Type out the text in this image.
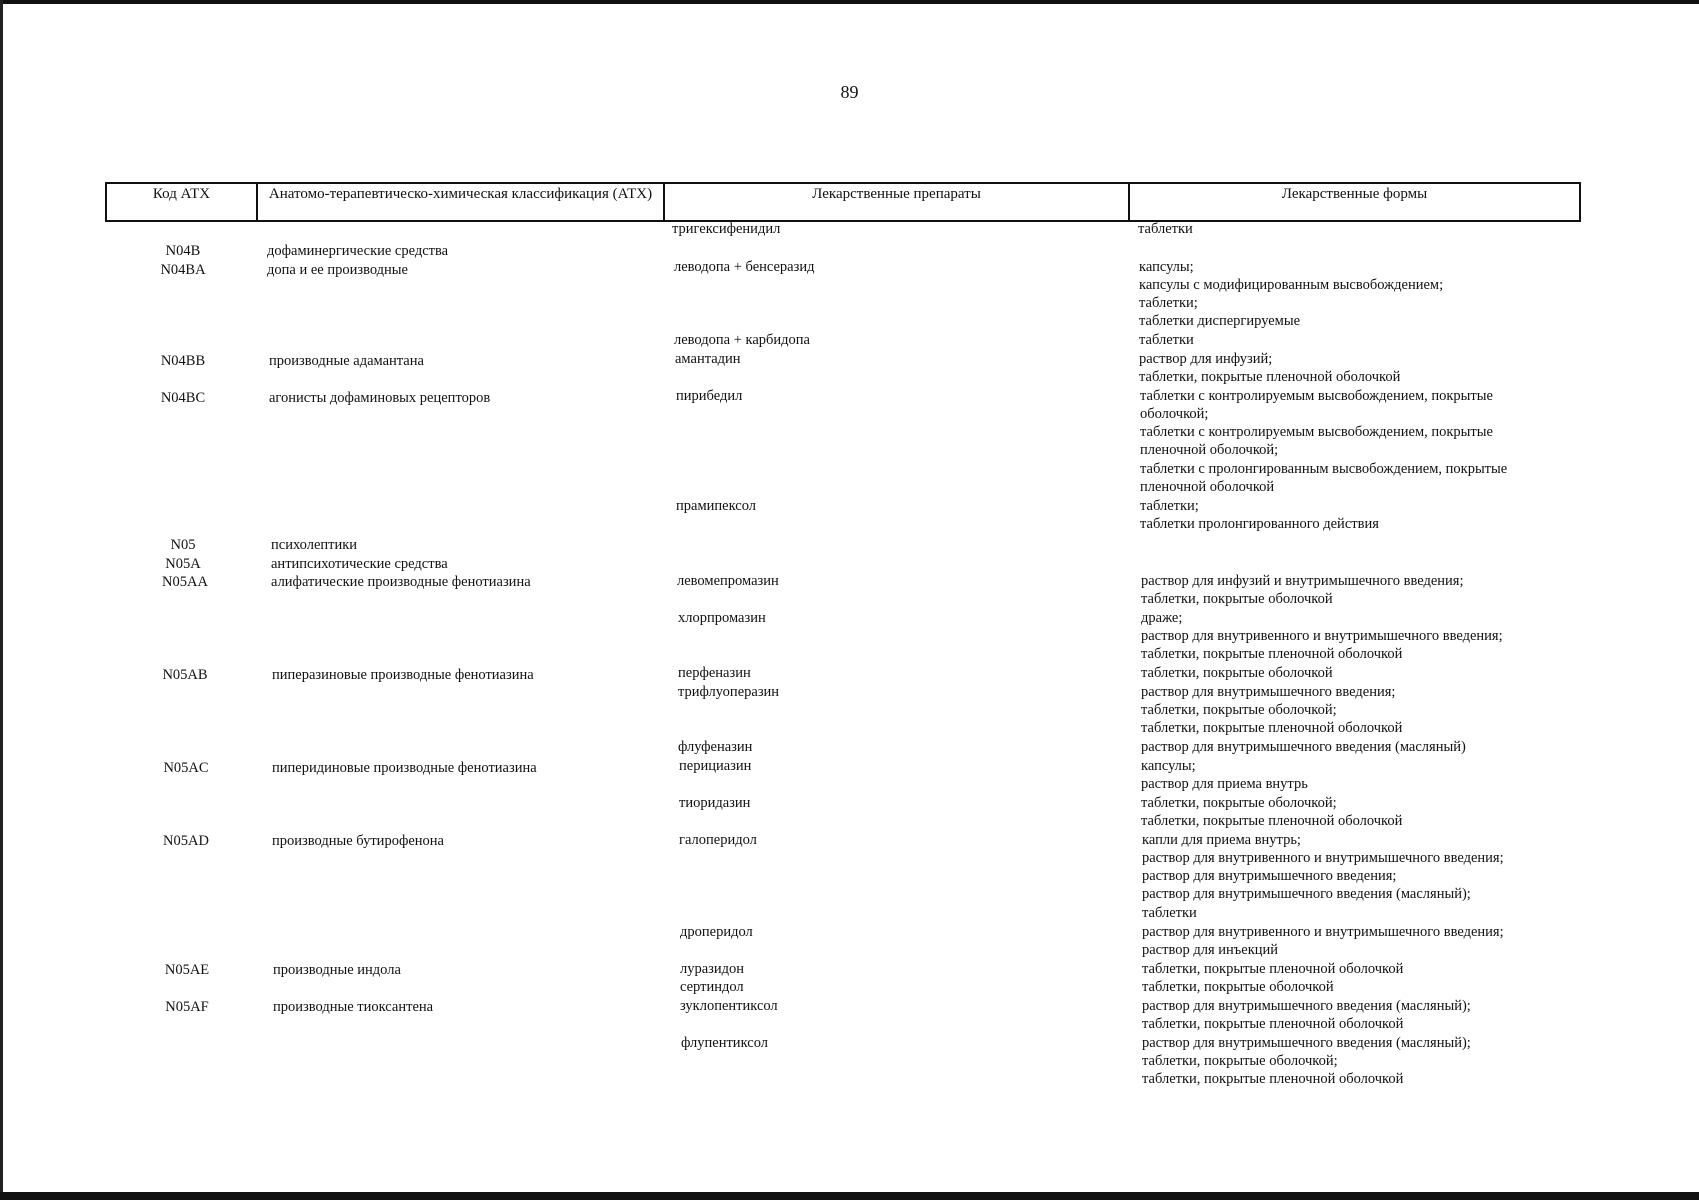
89
Код АТХ	Анатомо-терапевтическо-химическая классификация (АТХ)	Лекарственные препараты	Лекарственные формы
тригексифенидил	таблетки
N04B	дофаминергические средства
N04BA	допа и ее производные	леводопа + бенсеразид	капсулы;
капсулы с модифицированным высвобождением;
таблетки;
таблетки диспергируемые
леводопа + карбидопа	таблетки
N04BB	производные адамантана	амантадин	раствор для инфузий;
таблетки, покрытые пленочной оболочкой
N04BC	агонисты дофаминовых рецепторов	пирибедил	таблетки с контролируемым высвобождением, покрытые
оболочкой;
таблетки с контролируемым высвобождением, покрытые
пленочной оболочкой;
таблетки с пролонгированным высвобождением, покрытые
пленочной оболочкой
прамипексол	таблетки;
таблетки пролонгированного действия
N05	психолептики
N05A	антипсихотические средства
N05AA	алифатические производные фенотиазина	левомепромазин	раствор для инфузий и внутримышечного введения;
таблетки, покрытые оболочкой
хлорпромазин	драже;
раствор для внутривенного и внутримышечного введения;
таблетки, покрытые пленочной оболочкой
N05AB	пиперазиновые производные фенотиазина	перфеназин	таблетки, покрытые оболочкой
трифлуоперазин	раствор для внутримышечного введения;
таблетки, покрытые оболочкой;
таблетки, покрытые пленочной оболочкой
флуфеназин	раствор для внутримышечного введения (масляный)
N05AC	пиперидиновые производные фенотиазина	перициазин	капсулы;
раствор для приема внутрь
тиоридазин	таблетки, покрытые оболочкой;
таблетки, покрытые пленочной оболочкой
N05AD	производные бутирофенона	галоперидол	капли для приема внутрь;
раствор для внутривенного и внутримышечного введения;
раствор для внутримышечного введения;
раствор для внутримышечного введения (масляный);
таблетки
дроперидол	раствор для внутривенного и внутримышечного введения;
раствор для инъекций
N05AE	производные индола	луразидон	таблетки, покрытые пленочной оболочкой
сертиндол	таблетки, покрытые оболочкой
N05AF	производные тиоксантена	зуклопентиксол	раствор для внутримышечного введения (масляный);
таблетки, покрытые пленочной оболочкой
флупентиксол	раствор для внутримышечного введения (масляный);
таблетки, покрытые оболочкой;
таблетки, покрытые пленочной оболочкой
